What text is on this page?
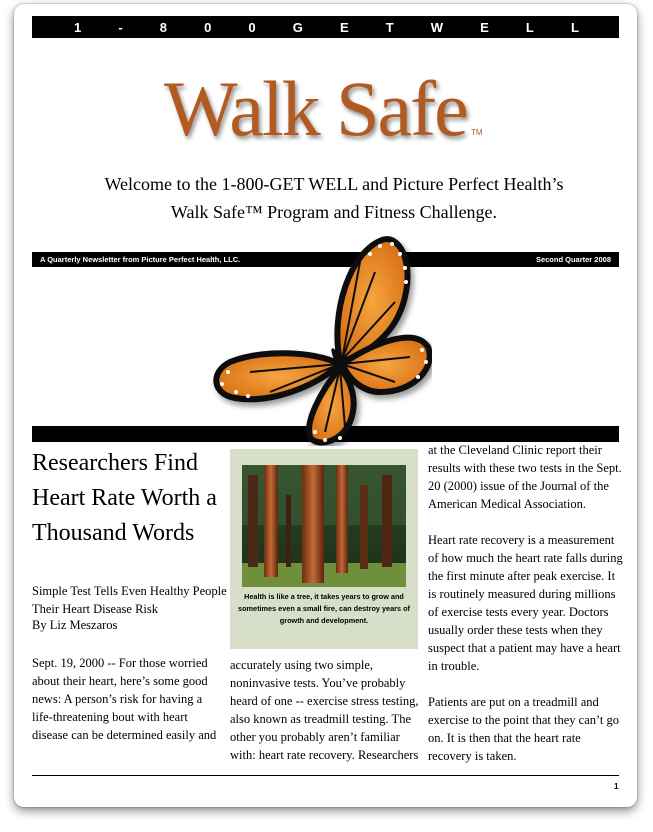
1	-	8	0	0	G	E	T	W	E	L	L
Walk Safe TM
Welcome to the 1-800-GET WELL and Picture Perfect Health’s
Walk Safe™ Program and Fitness Challenge.
A Quarterly Newsletter from Picture Perfect Health, LLC.	Second Quarter 2008
Researchers Find Heart Rate Worth a Thousand Words
Simple Test Tells Even Healthy People Their Heart Disease Risk
By Liz Meszaros
Sept. 19, 2000 -- For those worried about their heart, here’s some good news: A person’s risk for having a life-threatening bout with heart disease can be determined easily and
Health is like a tree, it takes years to grow and sometimes even a small fire, can destroy years of growth and development.
accurately using two simple, noninvasive tests. You’ve probably heard of one -- exercise stress testing, also known as treadmill testing. The other you probably aren’t familiar with: heart rate recovery. Researchers

at the Cleveland Clinic report their results with these two tests in the Sept. 20 (2000) issue of the Journal of the American Medical Association.

Heart rate recovery is a measurement of how much the heart rate falls during the first minute after peak exercise. It is routinely measured during millions of exercise tests every year. Doctors usually order these tests when they suspect that a patient may have a heart in trouble.

Patients are put on a treadmill and exercise to the point that they can’t go on. It is then that the heart rate recovery is taken.

1
